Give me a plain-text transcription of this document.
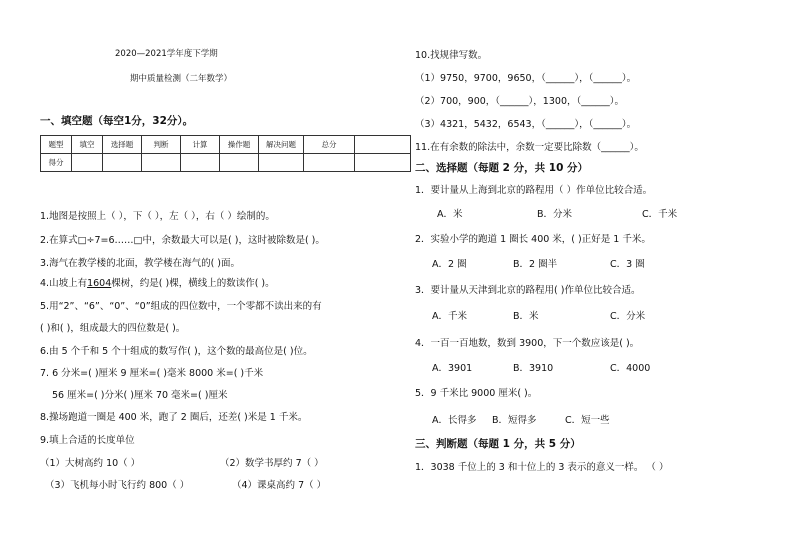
2020—2021学年度下学期
期中质量检测（二年数学）
一、填空题（每空1分，32分）。
题型	填空	选择题	判断	计算	操作题	解决问题	总分	
得分								
1.地图是按照上（ ），下（ ），左（ ），右（ ）绘制的。
2.在算式□÷7=6……□中，余数最大可以是( )，这时被除数是( )。
3.海气在教学楼的北面，教学楼在海气的( )面。
4.山坡上有1604棵树，约是( )棵，横线上的数读作( )。
5.用“2”、“6”、“0”、“0”组成的四位数中，一个零都不读出来的有
( )和( )，组成最大的四位数是( )。
6.由 5 个千和 5 个十组成的数写作( )，这个数的最高位是( )位。
7. 6 分米=( )厘米 9 厘米=( )毫米 8000 米=( )千米
56 厘米=( )分米( )厘米 70 毫米=( )厘米
8.操场跑道一圈是 400 米，跑了 2 圈后，还差( )米是 1 千米。
9.填上合适的长度单位
（1）大树高约 10（ ）	（2）数学书厚约 7（ ）
（3）飞机每小时飞行约 800（ ）	（4）课桌高约 7（ ）
10.找规律写数。
（1）9750，9700，9650，（______），（______）。
（2）700，900，（______），1300，（______）。
（3）4321，5432，6543，（______），（______）。
11.在有余数的除法中，余数一定要比除数（______）。
二、选择题（每题 2 分，共 10 分）
1．要计量从上海到北京的路程用（ ）作单位比较合适。
A．米	B．分米	C．千米
2．实验小学的跑道 1 圈长 400 米，( )正好是 1 千米。
A．2 圈	B．2 圈半	C．3 圈
3．要计量从天津到北京的路程用( )作单位比较合适。
A．千米	B．米	C．分米
4．一百一百地数，数到 3900，下一个数应该是( )。
A．3901	B．3910	C．4000
5．9 千米比 9000 厘米( )。
A．长得多 B．短得多	C．短一些
三、判断题（每题 1 分，共 5 分）
1．3038 千位上的 3 和十位上的 3 表示的意义一样。 （ ）
